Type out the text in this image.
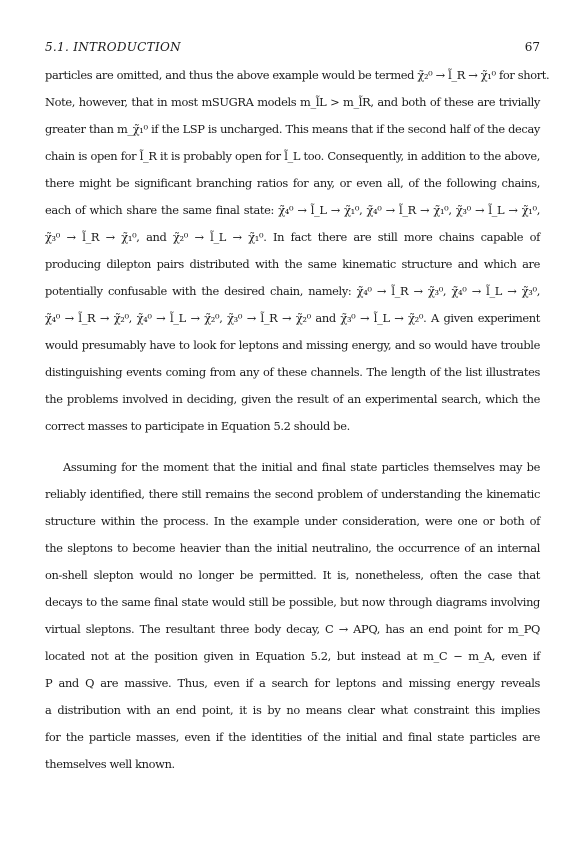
5.1. INTRODUCTION	67
particles are omitted, and thus the above example would be termed χ̃₂⁰ → l̃_R → χ̃₁⁰ for short.
Note, however, that in most mSUGRA models m_l̃L > m_l̃R, and both of these are trivially
greater than m_χ̃₁⁰ if the LSP is uncharged. This means that if the second half of the decay
chain is open for l̃_R it is probably open for l̃_L too. Consequently, in addition to the above,
there might be significant branching ratios for any, or even all, of the following chains,
each of which share the same final state: χ̃₄⁰ → l̃_L → χ̃₁⁰, χ̃₄⁰ → l̃_R → χ̃₁⁰, χ̃₃⁰ → l̃_L → χ̃₁⁰,
χ̃₃⁰ → l̃_R → χ̃₁⁰, and χ̃₂⁰ → l̃_L → χ̃₁⁰. In fact there are still more chains capable of
producing dilepton pairs distributed with the same kinematic structure and which are
potentially confusable with the desired chain, namely: χ̃₄⁰ → l̃_R → χ̃₃⁰, χ̃₄⁰ → l̃_L → χ̃₃⁰,
χ̃₄⁰ → l̃_R → χ̃₂⁰, χ̃₄⁰ → l̃_L → χ̃₂⁰, χ̃₃⁰ → l̃_R → χ̃₂⁰ and χ̃₃⁰ → l̃_L → χ̃₂⁰. A given experiment
would presumably have to look for leptons and missing energy, and so would have trouble
distinguishing events coming from any of these channels. The length of the list illustrates
the problems involved in deciding, given the result of an experimental search, which the
correct masses to participate in Equation 5.2 should be.
Assuming for the moment that the initial and final state particles themselves may be
reliably identified, there still remains the second problem of understanding the kinematic
structure within the process. In the example under consideration, were one or both of
the sleptons to become heavier than the initial neutralino, the occurrence of an internal
on-shell slepton would no longer be permitted. It is, nonetheless, often the case that
decays to the same final state would still be possible, but now through diagrams involving
virtual sleptons. The resultant three body decay, C → APQ, has an end point for m_PQ
located not at the position given in Equation 5.2, but instead at m_C − m_A, even if
P and Q are massive. Thus, even if a search for leptons and missing energy reveals
a distribution with an end point, it is by no means clear what constraint this implies
for the particle masses, even if the identities of the initial and final state particles are
themselves well known.
